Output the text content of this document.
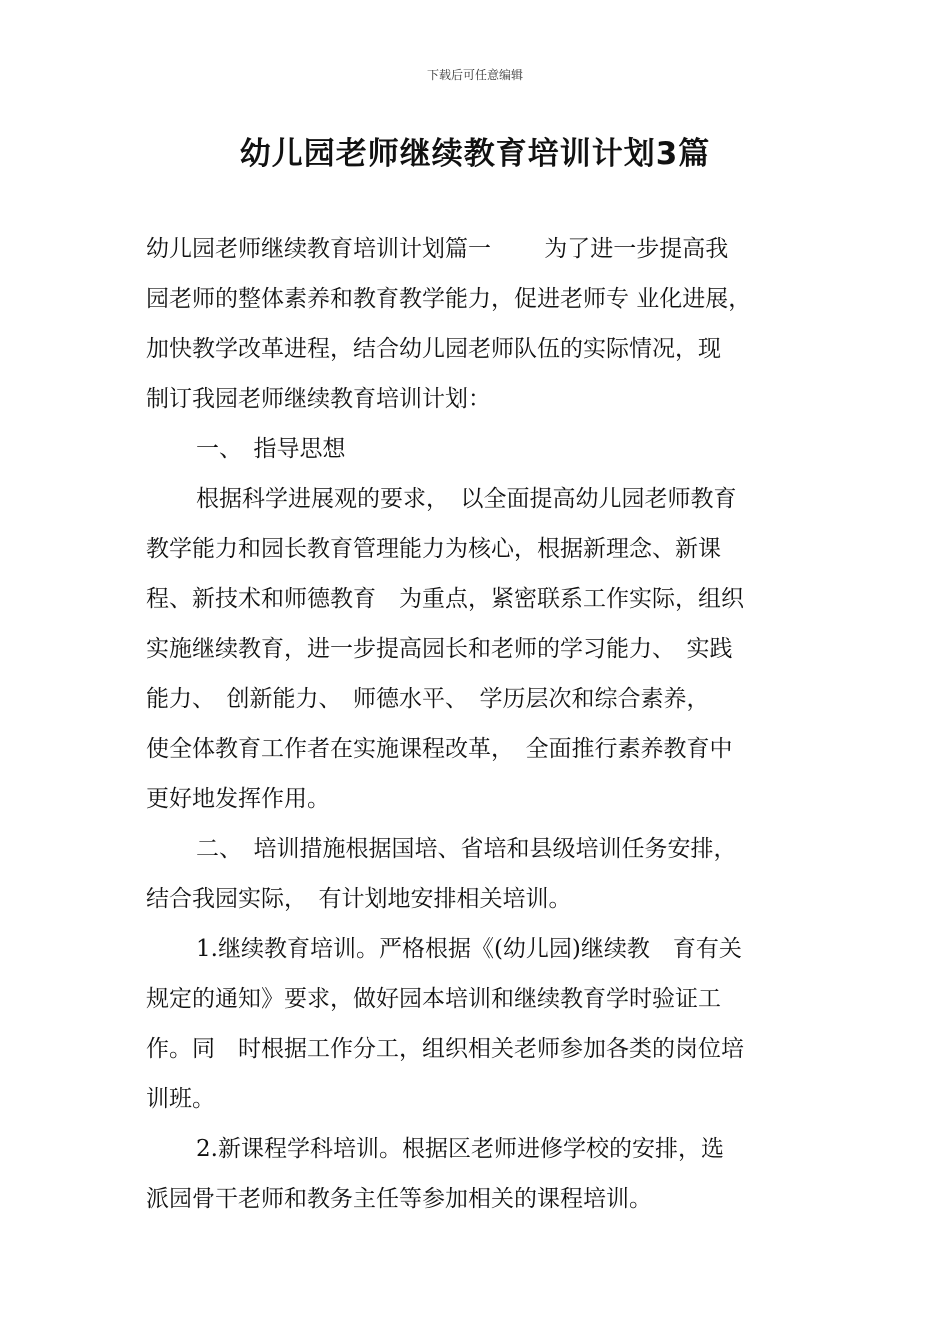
下载后可任意编辑
幼儿园老师继续教育培训计划3篇
幼儿园老师继续教育培训计划篇一　　 为了进一步提高我
园老师的整体素养和教育教学能力，促进老师专 业化进展，
加快教学改革进程，结合幼儿园老师队伍的实际情况，现
制订我园老师继续教育培训计划：
一、　指导思想
根据科学进展观的要求，　以全面提高幼儿园老师教育
教学能力和园长教育管理能力为核心，根据新理念、新课
程、新技术和师德教育　为重点，紧密联系工作实际，组织
实施继续教育，进一步提高园长和老师的学习能力、　实践
能力、　创新能力、　师德水平、　学历层次和综合素养，
使全体教育工作者在实施课程改革，　全面推行素养教育中
更好地发挥作用。
二、　培训措施根据国培、省培和县级培训任务安排，
结合我园实际，　有计划地安排相关培训。
1.继续教育培训。严格根据《(幼儿园)继续教　育有关
规定的通知》要求，做好园本培训和继续教育学时验证工
作。同　时根据工作分工，组织相关老师参加各类的岗位培
训班。
2.新课程学科培训。根据区老师进修学校的安排，选
派园骨干老师和教务主任等参加相关的课程培训。
